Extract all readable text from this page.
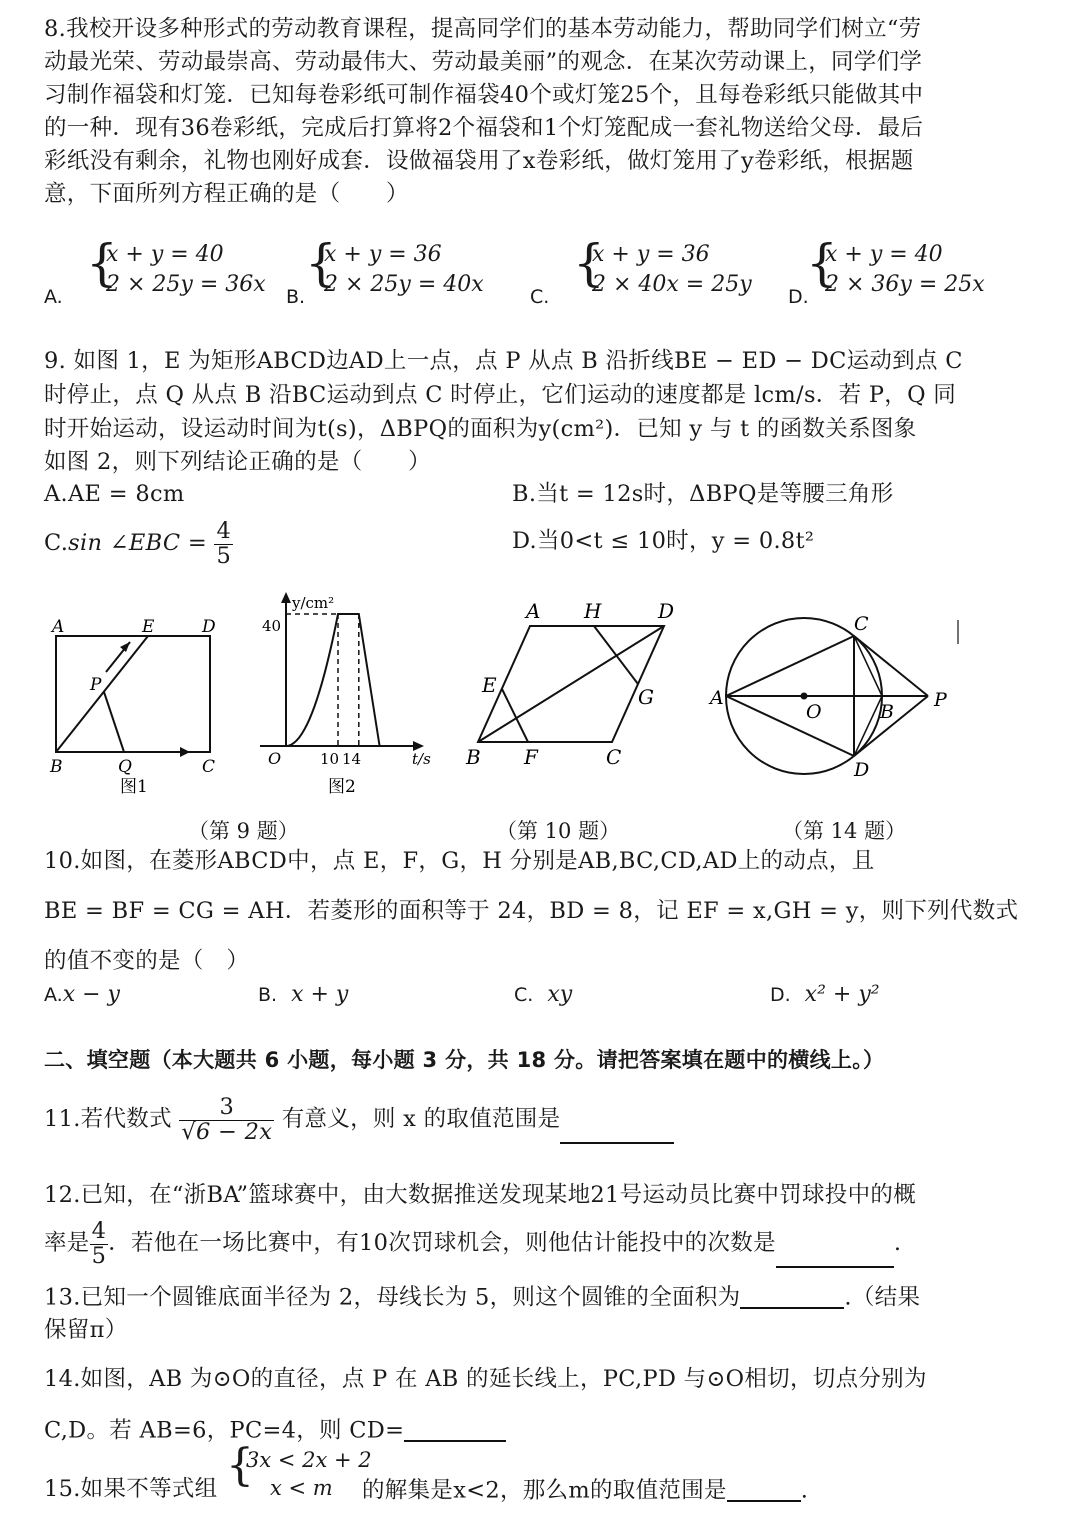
8.我校开设多种形式的劳动教育课程，提高同学们的基本劳动能力，帮助同学们树立“劳
动最光荣、劳动最崇高、劳动最伟大、劳动最美丽”的观念．在某次劳动课上，同学们学
习制作福袋和灯笼．已知每卷彩纸可制作福袋40个或灯笼25个，且每卷彩纸只能做其中
的一种．现有36卷彩纸，完成后打算将2个福袋和1个灯笼配成一套礼物送给父母．最后
彩纸没有剩余，礼物也刚好成套．设做福袋用了x卷彩纸，做灯笼用了y卷彩纸，根据题
意，下面所列方程正确的是（　　）
A.
{
x + y = 40
2 × 25y = 36x B.
{
x + y = 36
2 × 25y = 40x C.
{
x + y = 36
2 × 40x = 25y D.
{
x + y = 40
2 × 36y = 25x
9. 如图 1，E 为矩形ABCD边AD上一点，点 P 从点 B 沿折线BE − ED − DC运动到点 C
时停止，点 Q 从点 B 沿BC运动到点 C 时停止，它们运动的速度都是 lcm/s．若 P，Q 同
时开始运动，设运动时间为t(s)，ΔBPQ的面积为y(cm²)．已知 y 与 t 的函数关系图象
如图 2，则下列结论正确的是（　　）
A.AE = 8cm	B.当t = 12s时，ΔBPQ是等腰三角形
C.sin ∠EBC = $\frac{4}{5}$	D.当0<t ≤ 10时，y = 0.8t²
A	E	D
P
B	Q	C
图1
y/cm²
t/s
O
40
10 14
图2
A H	D
E	G
B F	C
A
O	B
P
C
D
（第 9 题）	（第 10 题）	（第 14 题）
10.如图，在菱形ABCD中，点 E，F，G，H 分别是AB,BC,CD,AD上的动点，且
BE = BF = CG = AH．若菱形的面积等于 24，BD = 8，记 EF = x,GH = y，则下列代数式
的值不变的是（　）
A.x − y	B. x + y	C. xy	D. x² + y²
二、填空题（本大题共 6 小题，每小题 3 分，共 18 分。请把答案填在题中的横线上。）
11.若代数式 $\frac{3}{√6 - 2x}$ 有意义，则 x 的取值范围是
12.已知，在“浙BA”篮球赛中，由大数据推送发现某地21号运动员比赛中罚球投中的概
率是 $\frac{4}{5}$ ．若他在一场比赛中，有10次罚球机会，则他估计能投中的次数是	.
13.已知一个圆锥底面半径为 2，母线长为 5，则这个圆锥的全面积为	.（结果
保留π）
14.如图，AB 为⊙O的直径，点 P 在 AB 的延长线上，PC,PD 与⊙O相切，切点分别为
C,D。若 AB=6，PC=4，则 CD=
15.如果不等式组 {
3x < 2x + 2
x < m	的解集是x<2，那么m的取值范围是	.
